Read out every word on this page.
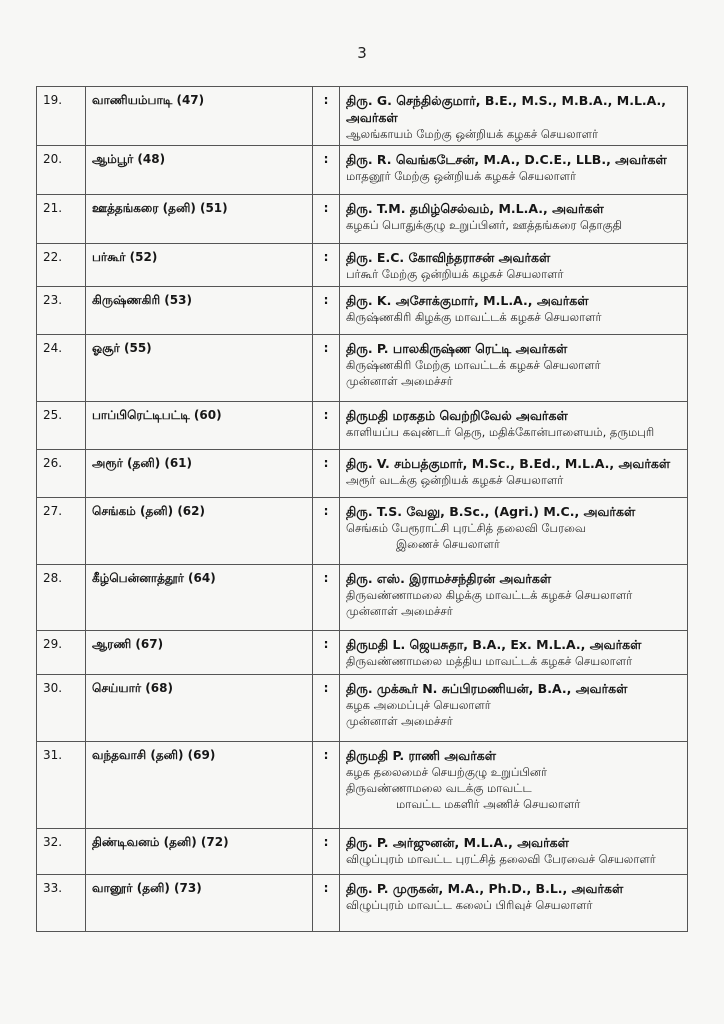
3
19.	வாணியம்பாடி (47)	:	திரு. G. செந்தில்குமார், B.E., M.S., M.B.A., M.L.A., அவர்கள்
ஆலங்காயம் மேற்கு ஒன்றியக் கழகச் செயலாளர்

20.	ஆம்பூர் (48)	:	திரு. R. வெங்கடேசன், M.A., D.C.E., LLB., அவர்கள்
மாதனூர் மேற்கு ஒன்றியக் கழகச் செயலாளர்

21.	ஊத்தங்கரை (தனி) (51)	:	திரு. T.M. தமிழ்செல்வம், M.L.A., அவர்கள்
கழகப் பொதுக்குழு உறுப்பினர், ஊத்தங்கரை தொகுதி

22.	பர்கூர் (52)	:	திரு. E.C. கோவிந்தராசன் அவர்கள்
பர்கூர் மேற்கு ஒன்றியக் கழகச் செயலாளர்

23.	கிருஷ்ணகிரி (53)	:	திரு. K. அசோக்குமார், M.L.A., அவர்கள்
கிருஷ்ணகிரி கிழக்கு மாவட்டக் கழகச் செயலாளர்

24.	ஓசூர் (55)	:	திரு. P. பாலகிருஷ்ண ரெட்டி அவர்கள்
கிருஷ்ணகிரி மேற்கு மாவட்டக் கழகச் செயலாளர்
முன்னாள் அமைச்சர்

25.	பாப்பிரெட்டிபட்டி (60)	:	திருமதி மரகதம் வெற்றிவேல் அவர்கள்
காளியப்ப கவுண்டர் தெரு, மதிக்கோன்பாளையம், தருமபுரி

26.	அரூர் (தனி) (61)	:	திரு. V. சம்பத்குமார், M.Sc., B.Ed., M.L.A., அவர்கள்
அரூர் வடக்கு ஒன்றியக் கழகச் செயலாளர்

27.	செங்கம் (தனி) (62)	:	திரு. T.S. வேலு, B.Sc., (Agri.) M.C., அவர்கள்
செங்கம் பேரூராட்சி புரட்சித் தலைவி பேரவை
இணைச் செயலாளர்

28.	கீழ்பென்னாத்தூர் (64)	:	திரு. எஸ். இராமச்சந்திரன் அவர்கள்
திருவண்ணாமலை கிழக்கு மாவட்டக் கழகச் செயலாளர்
முன்னாள் அமைச்சர்

29.	ஆரணி (67)	:	திருமதி L. ஜெயசுதா, B.A., Ex. M.L.A., அவர்கள்
திருவண்ணாமலை மத்திய மாவட்டக் கழகச் செயலாளர்

30.	செய்யார் (68)	:	திரு. முக்கூர் N. சுப்பிரமணியன், B.A., அவர்கள்
கழக அமைப்புச் செயலாளர்
முன்னாள் அமைச்சர்

31.	வந்தவாசி (தனி) (69)	:	திருமதி P. ராணி அவர்கள்
கழக தலைமைச் செயற்குழு உறுப்பினர்
திருவண்ணாமலை வடக்கு மாவட்ட
மாவட்ட மகளிர் அணிச் செயலாளர்

32.	திண்டிவனம் (தனி) (72)	:	திரு. P. அர்ஜுனன், M.L.A., அவர்கள்
விழுப்புரம் மாவட்ட புரட்சித் தலைவி பேரவைச் செயலாளர்

33.	வானூர் (தனி) (73)	:	திரு. P. முருகன், M.A., Ph.D., B.L., அவர்கள்
விழுப்புரம் மாவட்ட கலைப் பிரிவுச் செயலாளர்
